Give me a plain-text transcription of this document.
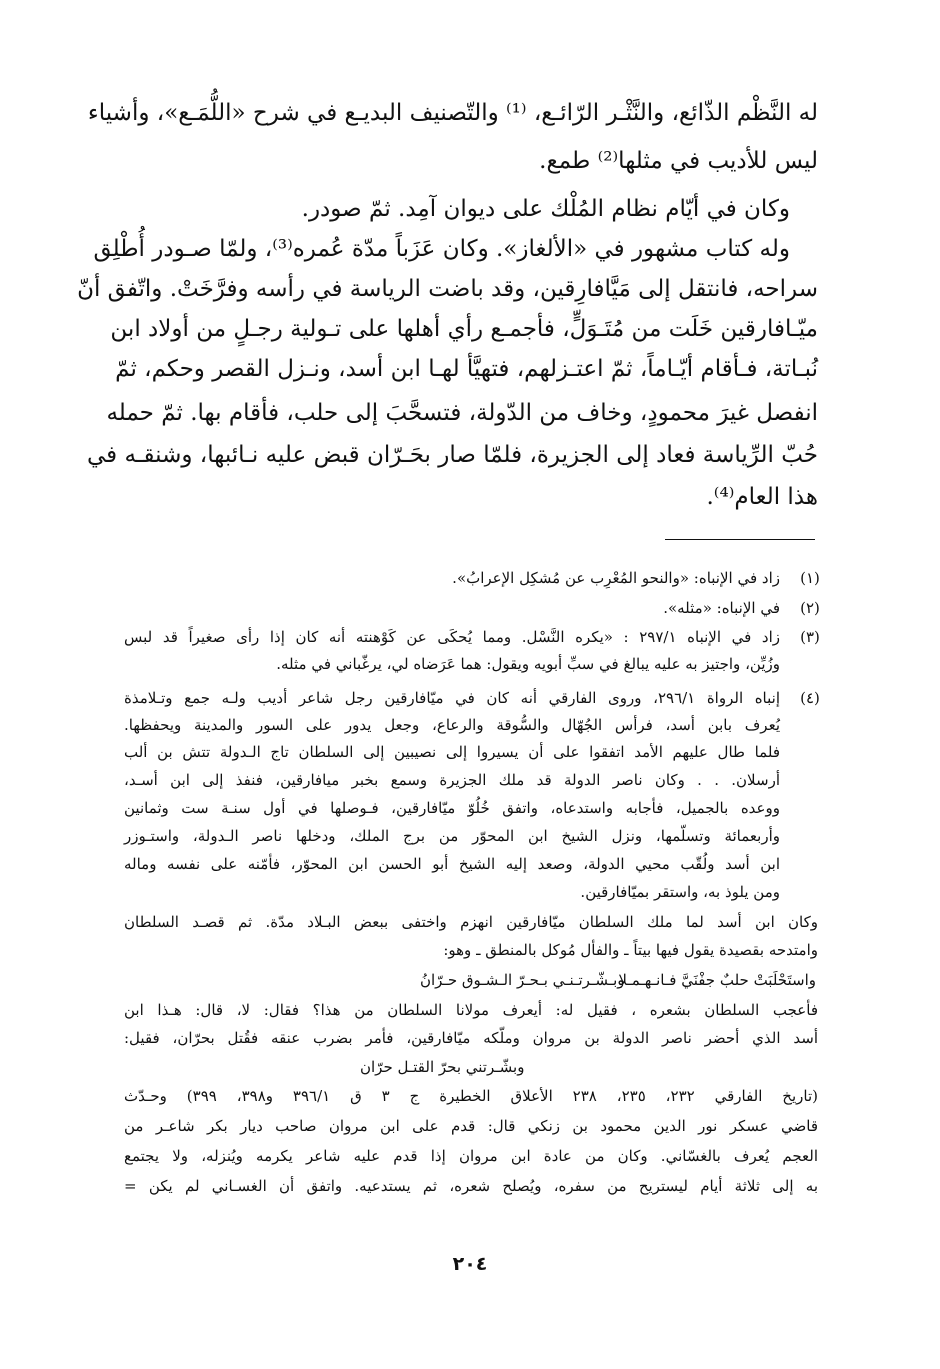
له النَّظْم الذّائع، والنَّثْـر الرّائـع، ⁽¹⁾ والتّصنيف البديـع في شرح «اللُّمَـع»، وأشياء
ليس للأديب في مثلها⁽²⁾ طمع.
وكان في أيّام نظام المُلْك على ديوان آمِد. ثمّ صودر.
وله كتاب مشهور في «الألغاز». وكان عَزَباً مدّة عُمره⁽³⁾، ولمّا صـودر أُطْلِق
سراحه، فانتقل إلى مَيَّافارِقين، وقد باضت الرياسة في رأسه وفرَّخَتْ. واتّفق أنّ
ميّـافارقين خَلَت من مُتَـوَلٍّ، فأجمـع رأي أهلها على تـولية رجـلٍ من أولاد ابن
نُبـاتة، فـأقام أيّـاماً، ثمّ اعتـزلهم، فتهيَّأ لهـا ابن أسد، ونـزل القصر وحكم، ثمّ
انفصل غيرَ محمودٍ، وخاف من الدّولة، فتسحَّبَ إلى حلب، فأقام بها. ثمّ حمله
حُبّ الرِّياسة فعاد إلى الجزيرة، فلمّا صار بحَـرّان قبض عليه نـائبها، وشنقـه في
هذا العام⁽⁴⁾.
(١)
زاد في الإنباه: «والنحو المُعْرِب عن مُشكِل الإعرابُ».
(٢)
في الإنباه: «مثله».
(٣)
زاد في الإنباه ٢٩٧/١ : «يكره النَّسْل. ومما يُحكَى عن كَوْهنته أنه كان إذا رأى صغيراً قد لبس
وزُيِّن، واجتيز به عليه يبالغ في سبِّ أبويه ويقول: هما عَرَضاه لي، يرغّباني في مثله.
(٤)
إنباه الرواة ٢٩٦/١، وروى الفارقي أنه كان في ميّافارقين رجل شاعر أديب ولـه جمع وتـلامذة
يُعرف بابن أسد، فرأس الجُهّال والسُّوقة والرعاع، وجعل يدور على السور والمدينة ويحفظها.
فلما طال عليهم الأمد اتفقوا على أن يسيروا إلى نصيبين إلى السلطان تاج الـدولة تتش بن ألب
أرسلان. . . وكان ناصر الدولة قد ملك الجزيرة وسمع بخبر ميافارقين، فنفذ إلى ابن أسـد،
ووعده بالجميل، فأجابه واستدعاه، واتفق خُلُوّ ميّافارقين، فـوصلها في أول سنـة ست وثمانين
وأربعمائة وتسلّمها، ونزل الشيخ ابن المحوّر من برج الملك، ودخلها ناصر الـدولة، واستـوزر
ابن أسد ولُقّب محيي الدولة، وصعد إليه الشيخ أبو الحسن ابن المحوّر، فأمّنه على نفسه وماله
ومن يلوذ به، واستقر بميّافارقين.
وكان ابن أسد لما ملك السلطان ميّافارقين انهزم واختفى ببعض البـلاد مدّة. ثم قصـد السلطان
وامتدحه بقصيدة يقول فيها بيتاً ـ والفأل مُوكل بالمنطق ـ وهو:
واستَحْلَبَتْ حلبٌ جفْنَيَّ فـانـهـمـلا
وبـشّـرتـنـي بـحـرّ الـشـوق حـرّانُ
فأعجب السلطان بشعره ، فقيل له: أيعرف مولانا السلطان من هذا؟ فقال: لا، قال: هـذا ابن
أسد الذي أحضر ناصر الدولة بن مروان وملّكه ميّافارقين، فأمر بضرب عنقه فقُتل بحرّان، فقيل:
وبشّـرتني بحرّ القتـل حرّان
(تاريخ الفارقي ٢٣٢، ٢٣٥، ٢٣٨ الأعلاق الخطيرة ج ٣ ق ٣٩٦/١ و٣٩٨، ٣٩٩) وحـدّث
قاضي عسكر نور الدين محمود بن زنكي قال: قدم على ابن مروان صاحب ديار بكر شاعـر من
العجم يُعرف بالغسّاني. وكان من عادة ابن مروان إذا قدم عليه شاعر يكرمه ويُنزله، ولا يجتمع
به إلى ثلاثة أيام ليستريح من سفره، ويُصلح شعره، ثم يستدعيه. واتفق أن الغسـاني لم يكن =
٢٠٤
